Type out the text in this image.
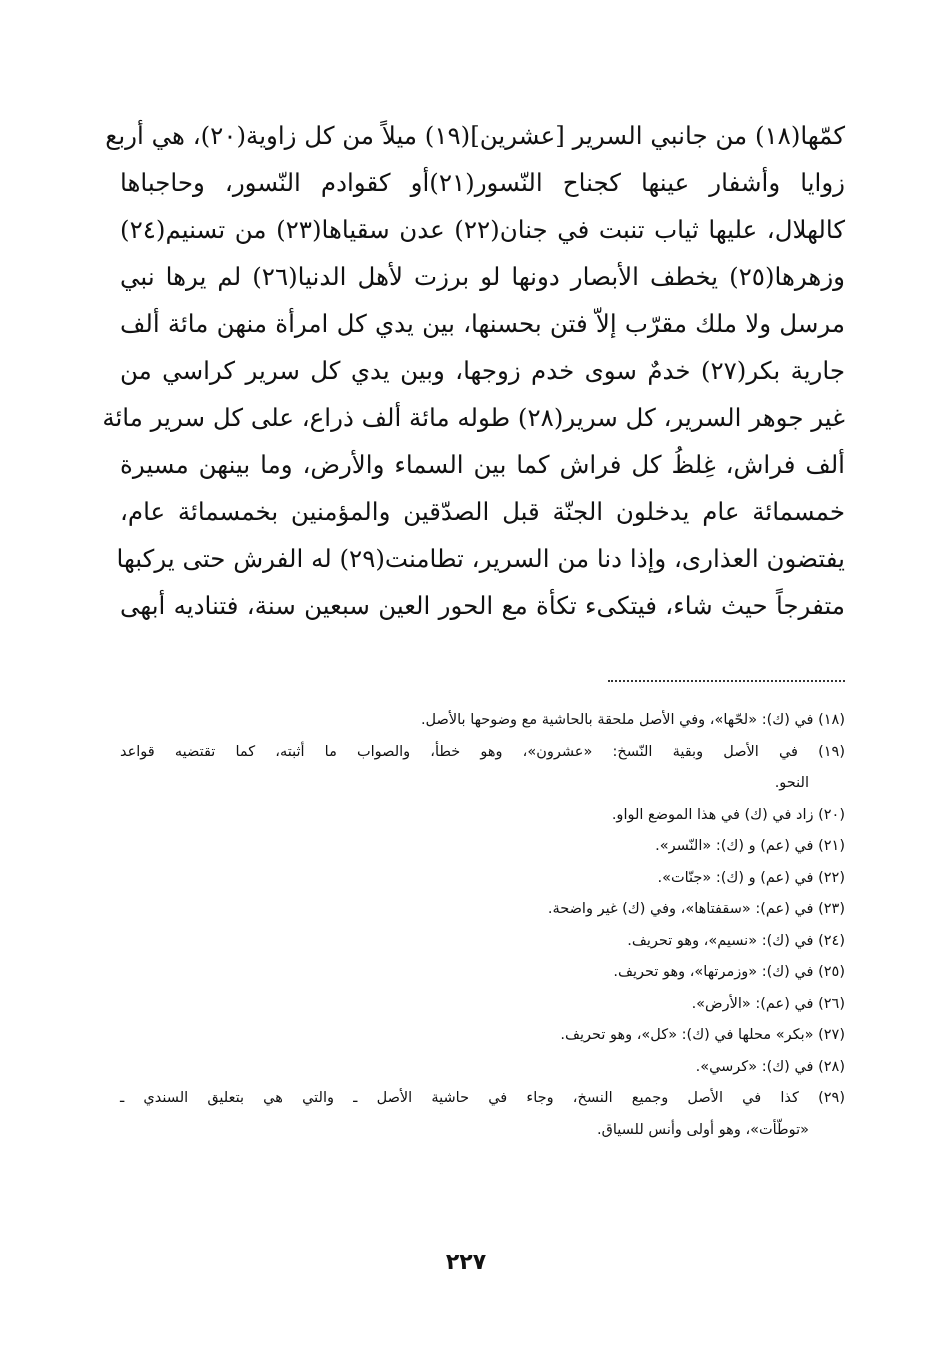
كمّها(١٨) من جانبي السرير [عشرين](١٩) ميلاً من كل زاوية(٢٠)، هي أربع
زوايا وأشفار عينها كجناح النّسور(٢١)أو كقوادم النّسور، وحاجباها
كالهلال، عليها ثياب تنبت في جنان(٢٢) عدن سقياها(٢٣) من تسنيم(٢٤)
وزهرها(٢٥) يخطف الأبصار دونها لو برزت لأهل الدنيا(٢٦) لم يرها نبي
مرسل ولا ملك مقرّب إلاّ فتن بحسنها، بين يدي كل امرأة منهن مائة ألف
جارية بكر(٢٧) خدمٌ سوى خدم زوجها، وبين يدي كل سرير كراسي من
غير جوهر السرير، كل سرير(٢٨) طوله مائة ألف ذراع، على كل سرير مائة
ألف فراش، غِلظُ كل فراش كما بين السماء والأرض، وما بينهن مسيرة
خمسمائة عام يدخلون الجنّة قبل الصدّقين والمؤمنين بخمسمائة عام،
يفتضون العذارى، وإذا دنا من السرير، تطامنت(٢٩) له الفرش حتى يركبها
متفرجاً حيث شاء، فيتكىء تكأة مع الحور العين سبعين سنة، فتناديه أبهى
(١٨) في (ك): «لحّها»، وفي الأصل ملحقة بالحاشية مع وضوحها بالأصل.
(١٩) في الأصل وبقية النّسخ: «عشرون»، وهو خطأ، والصواب ما أثبته، كما تقتضيه قواعد
النحو.
(٢٠) زاد في (ك) في هذا الموضع الواو.
(٢١) في (عم) و (ك): «النّسر».
(٢٢) في (عم) و (ك): «جنّات».
(٢٣) في (عم): «سقفتاها»، وفي (ك) غير واضحة.
(٢٤) في (ك): «نسيم»، وهو تحريف.
(٢٥) في (ك): «وزمرتها»، وهو تحريف.
(٢٦) في (عم): «الأرض».
(٢٧) «بكر» محلها في (ك): «كل»، وهو تحريف.
(٢٨) في (ك): «كرسي».
(٢٩) كذا في الأصل وجميع النسخ، وجاء في حاشية الأصل ـ والتي هي بتعليق السندي ـ
«توطّأت»، وهو أولى وأنس للسياق.
٢٢٧
